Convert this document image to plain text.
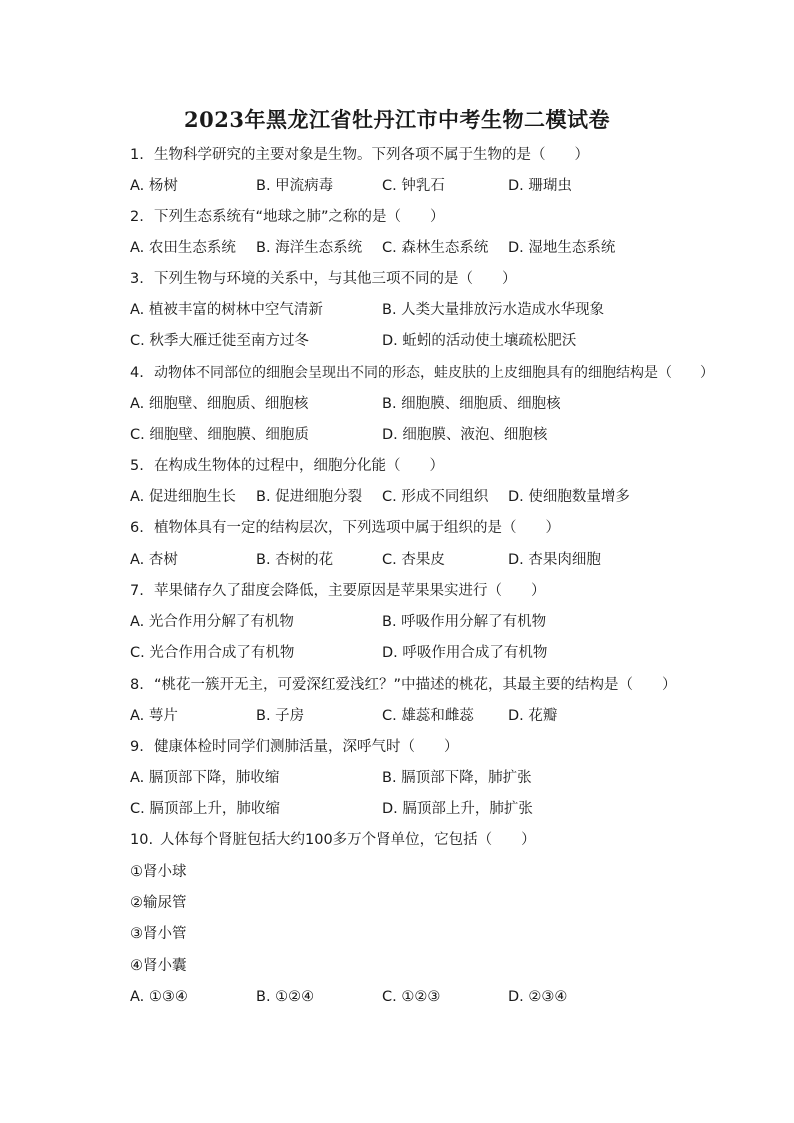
2023年黑龙江省牡丹江市中考生物二模试卷
1. 生物科学研究的主要对象是生物。下列各项不属于生物的是（　　）
A. 杨树	B. 甲流病毒	C. 钟乳石	D. 珊瑚虫
2. 下列生态系统有“地球之肺”之称的是（　　）
A. 农田生态系统 B. 海洋生态系统 C. 森林生态系统 D. 湿地生态系统
3. 下列生物与环境的关系中，与其他三项不同的是（　　）
A. 植被丰富的树林中空气清新	B. 人类大量排放污水造成水华现象
C. 秋季大雁迁徙至南方过冬	D. 蚯蚓的活动使土壤疏松肥沃
4. 动物体不同部位的细胞会呈现出不同的形态，蛙皮肤的上皮细胞具有的细胞结构是（　　）
A. 细胞壁、细胞质、细胞核	B. 细胞膜、细胞质、细胞核
C. 细胞壁、细胞膜、细胞质	D. 细胞膜、液泡、细胞核
5. 在构成生物体的过程中，细胞分化能（　　）
A. 促进细胞生长 B. 促进细胞分裂 C. 形成不同组织 D. 使细胞数量增多
6. 植物体具有一定的结构层次，下列选项中属于组织的是（　　）
A. 杏树	B. 杏树的花	C. 杏果皮	D. 杏果肉细胞
7. 苹果储存久了甜度会降低，主要原因是苹果果实进行（　　）
A. 光合作用分解了有机物	B. 呼吸作用分解了有机物
C. 光合作用合成了有机物	D. 呼吸作用合成了有机物
8. “桃花一簇开无主，可爱深红爱浅红？”中描述的桃花，其最主要的结构是（　　）
A. 萼片	B. 子房	C. 雄蕊和雌蕊 D. 花瓣
9. 健康体检时同学们测肺活量，深呼气时（　　）
A. 膈顶部下降，肺收缩	B. 膈顶部下降，肺扩张
C. 膈顶部上升，肺收缩	D. 膈顶部上升，肺扩张
10. 人体每个肾脏包括大约100多万个肾单位，它包括（　　）
①肾小球
②输尿管
③肾小管
④肾小囊
A. ①③④	B. ①②④	C. ①②③	D. ②③④
